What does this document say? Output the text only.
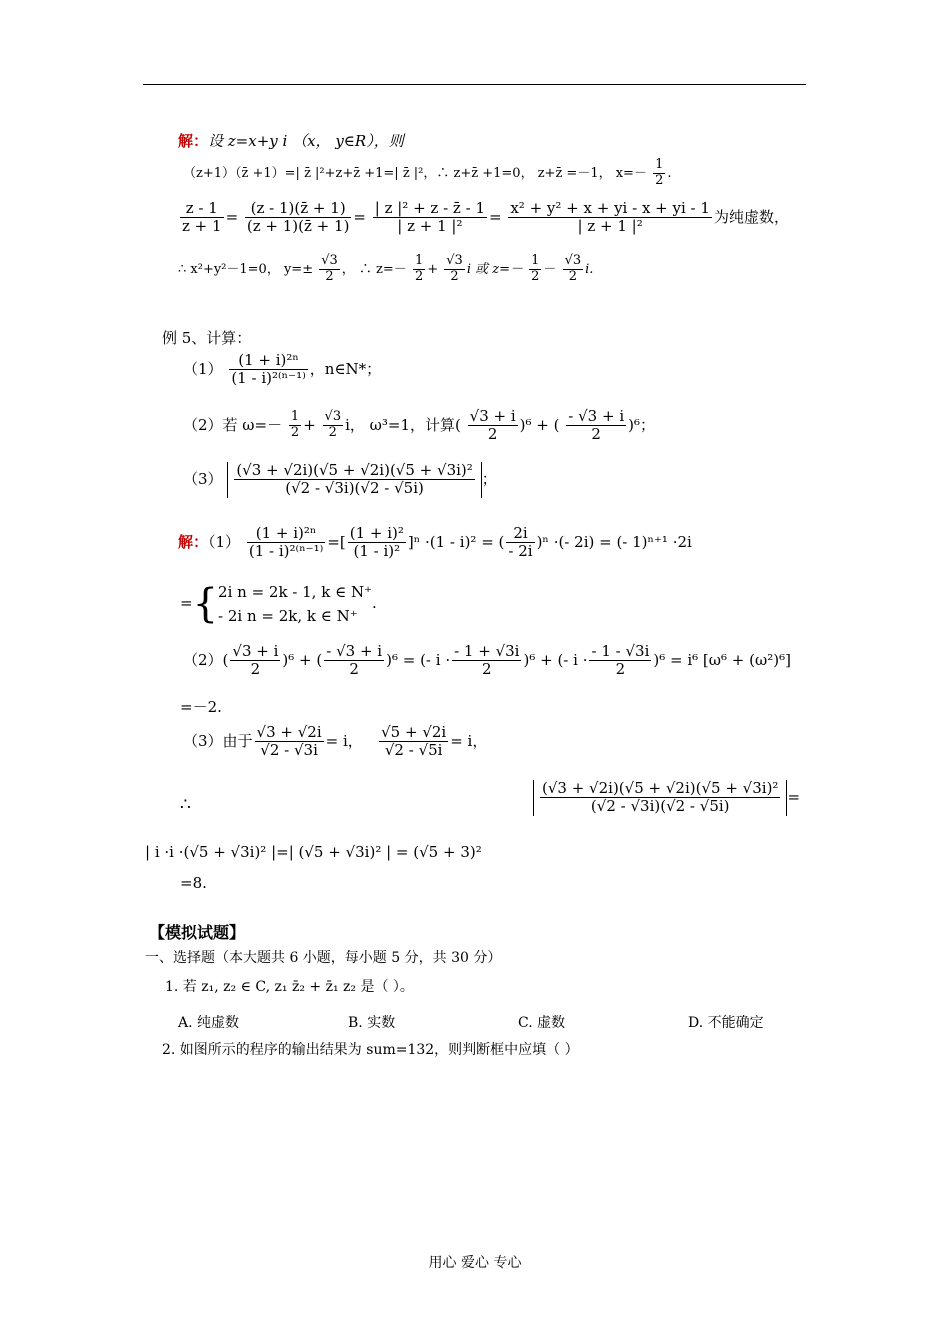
解：设 z=x+y i （x， y∈R），则
（z+1）（z̄ +1）=| z̄ |²+z+z̄ +1=| z̄ |²，∴ z+z̄ +1=0， z+z̄ =－1， $x=- \frac{1}{2}$ .
$\frac{z - 1}{z + 1} = \frac{(z - 1)(z̄ + 1)}{(z + 1)(z̄ + 1)} = \frac{\text{| z |² + z - z̄ - 1}}{\text{| z + 1 |²}} = \frac{\text{x² + y² + x + yi - x + yi - 1}}{\text{| z + 1 |²}}$ 为纯虚数，
∴ x²+y²－1=0， $y=\pm \frac{√3}{2}$ ， ∴ $z=- \frac{1}{2} + \frac{√3}{2}$ i 或 $z=- \frac{1}{2} - \frac{√3}{2} i$.
例 5、计算：
$(1) \frac{\text{(1 + i)²ⁿ}}{\text{(1 - i)²⁽ⁿ⁻¹⁾}}$ ，n∈N*；
（2）若 $\omega=- \frac{1}{2} + \frac{√3}{2}$ i， ω³=1，计算( $\frac{√3 + i}{2} )^6$ + ( $\frac{- √3 + i}{2} )^6$；
$(3) \frac{\text{(√3 + √2i)(√5 + √2i)(√5 + √3i)²}}{(√2 - √3i)(√2 - √5i)}$ ；
解：$(1) \frac{\text{(1 + i)²ⁿ}}{\text{(1 - i)²⁽ⁿ⁻¹⁾}}$ =[ $\frac{\text{(1 + i)²}}{\text{(1 - i)²}} ]^n \cdot(1 - i)^2$ = ( $\frac{2i}{- 2i} )^n$ ·(- 2i) = (- 1)ⁿ⁺¹ ·2i
={ 2i n = 2k - 1, k ∈ N⁺
- 2i n = 2k, k ∈ N⁺
.
$(2)( \frac{√3 + i}{2} )^6$ + ( $\frac{- √3 + i}{2} )^6$ = (- $i \cdot \frac{- 1 + √3i}{2} )^6$ + (- $i \cdot \frac{- 1 - √3i}{2} )^6 = i^6$ [ω⁶ + (ω²)⁶]
=－2.
（3）由于 $\frac{√3 + √2i}{√2 - √3i} = i$， $\frac{√5 + √2i}{√2 - √5i} = i$，
∴	$\frac{\text{(√3 + √2i)(√5 + √2i)(√5 + √3i)²}}{(√2 - √3i)(√2 - √5i)}$ =
| i ·i ·(√5 + √3i)² |=| (√5 + √3i)² | = (√5 + 3)²
=8.
【模拟试题】
一、选择题（本大题共 6 小题，每小题 5 分，共 30 分）
1. 若 z₁, z₂ ∈ C, z₁ z̄₂ + z̄₁ z₂ 是（ ）。
A. 纯虚数	B. 实数	C. 虚数	D. 不能确定
2. 如图所示的程序的输出结果为 sum=132，则判断框中应填（ ）
用心 爱心 专心
